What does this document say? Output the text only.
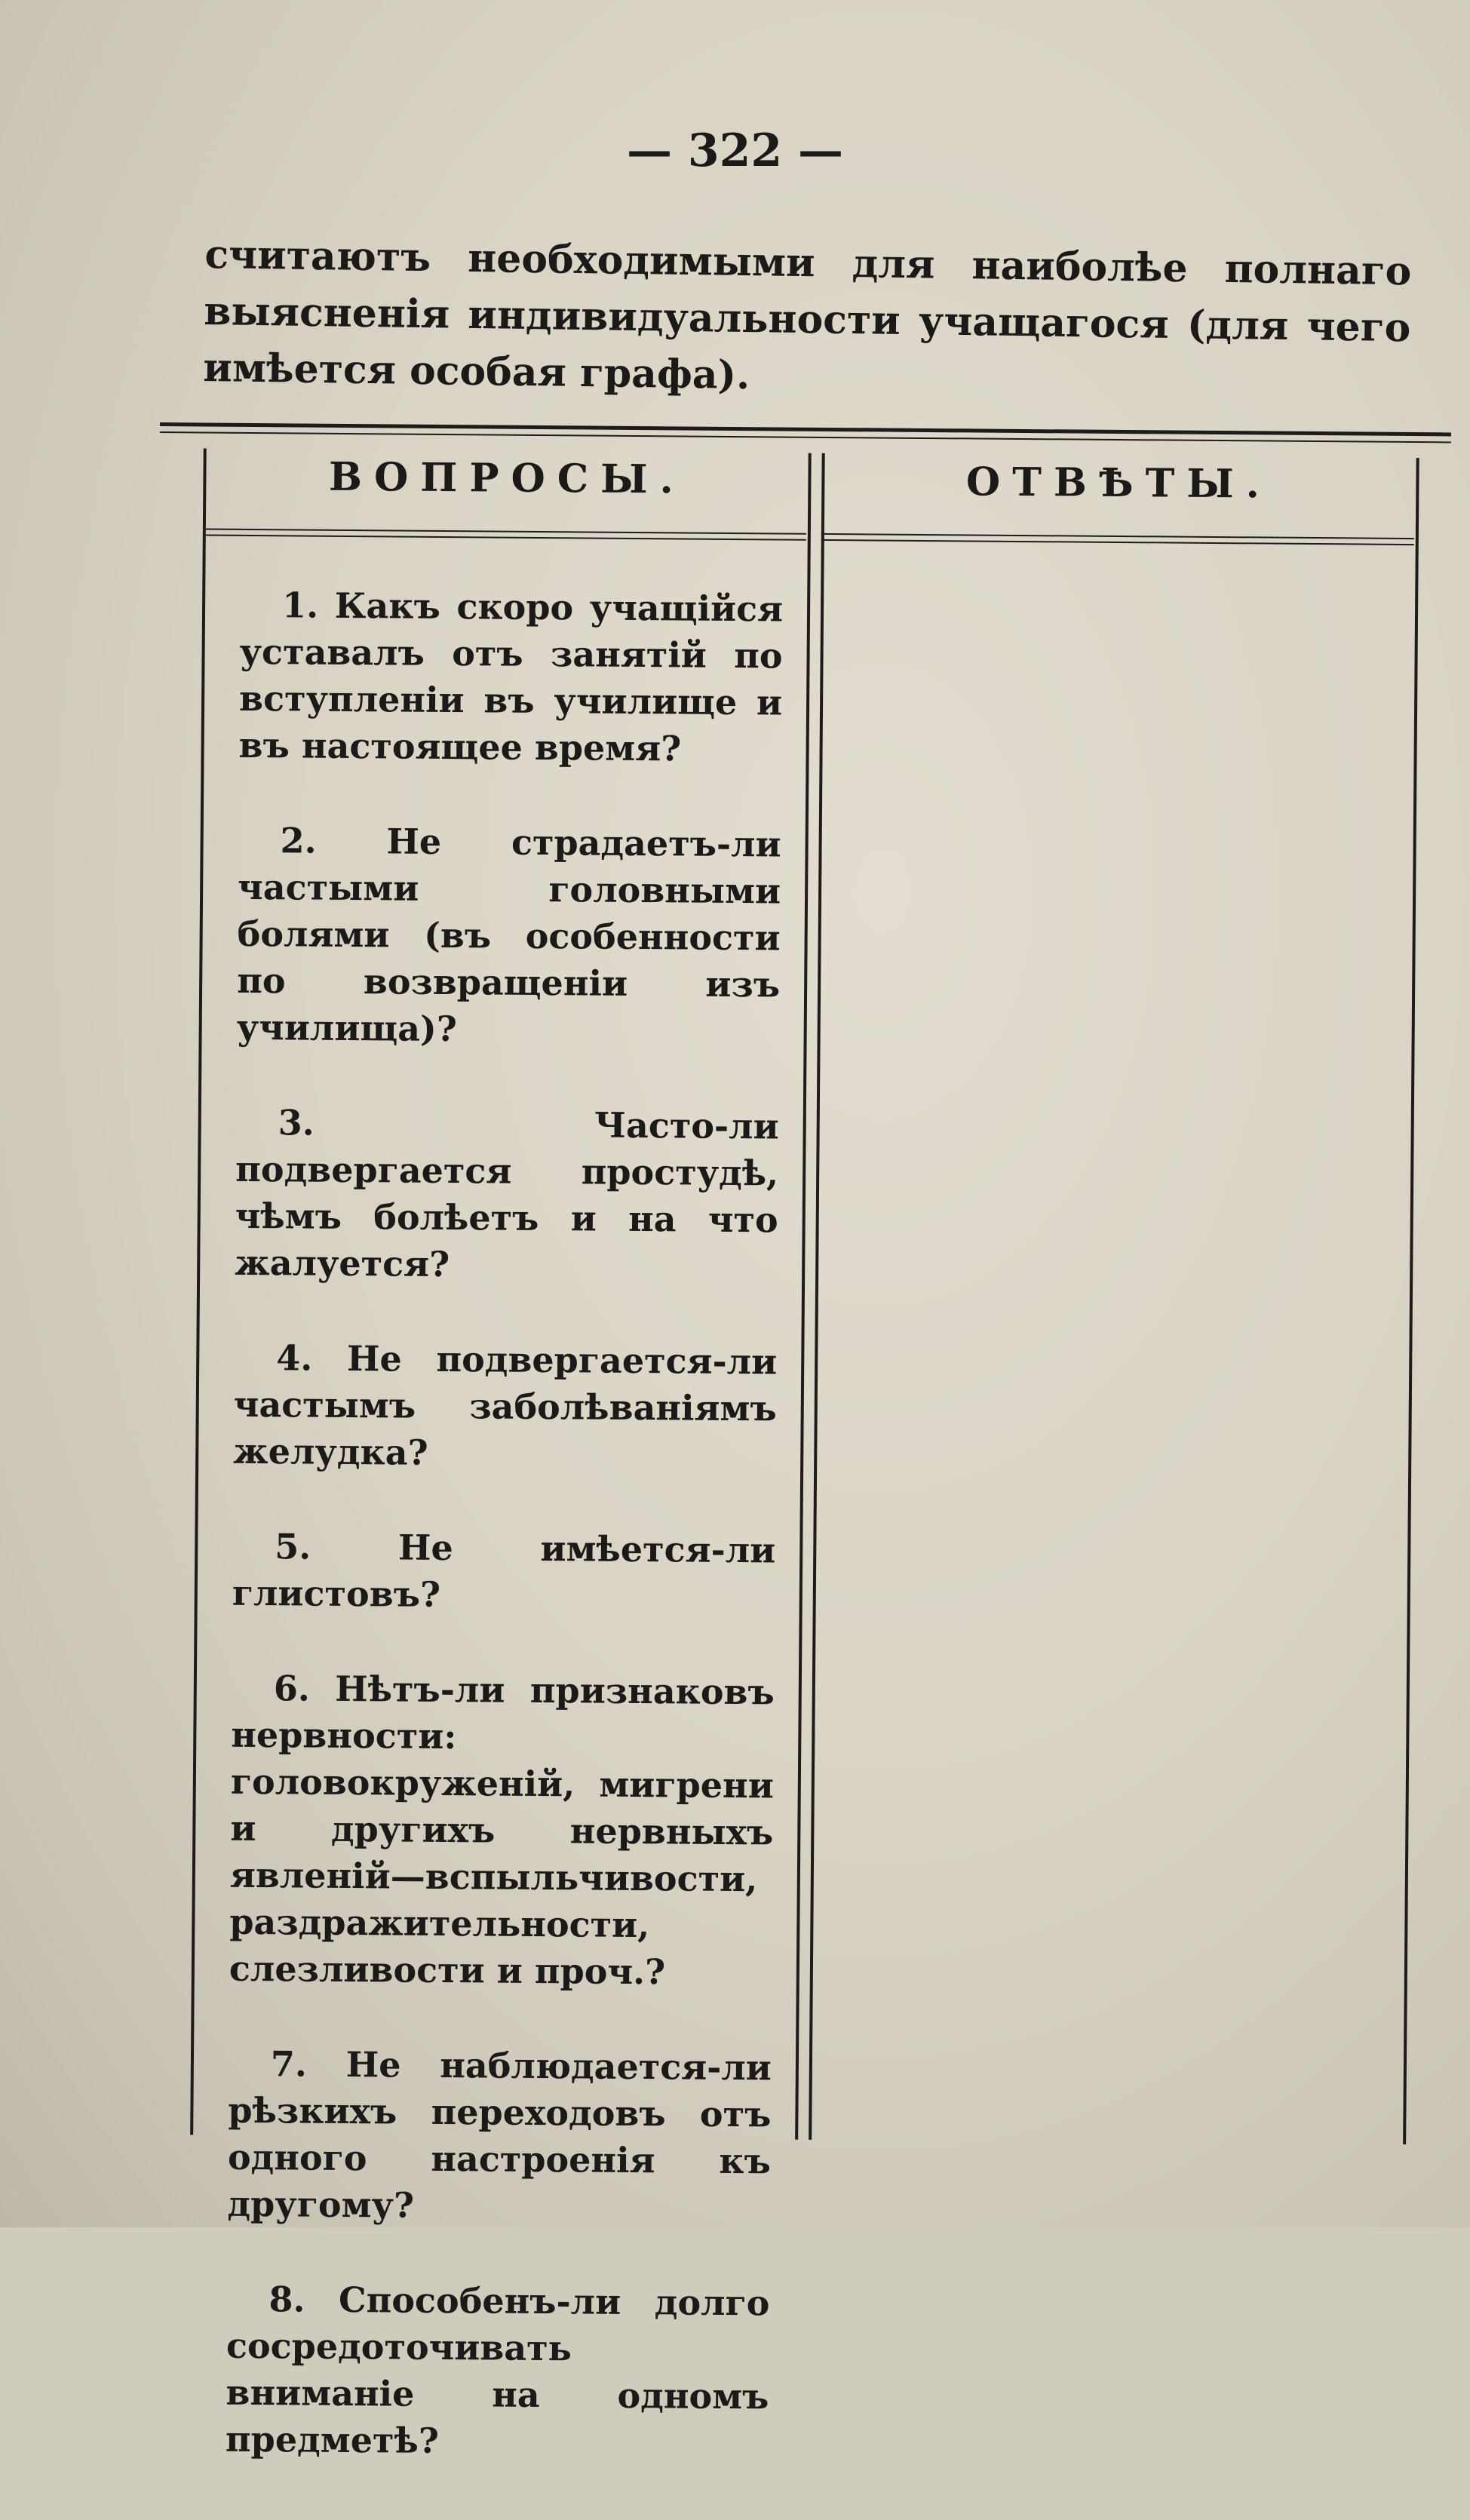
— 322 —
считаютъ необходимыми для наиболѣе полнаго выясненія индивидуальности учащагося (для чего имѣется особая графа).
ВОПРОСЫ.	ОТВѢТЫ.
1. Какъ скоро учащійся уставалъ отъ занятій по вступленіи въ училище и въ настоящее время?
2. Не страдаетъ-ли частыми головными болями (въ особенности по возвращеніи изъ училища)?
3. Часто-ли подвергается простудѣ, чѣмъ болѣетъ и на что жалуется?
4. Не подвергается-ли частымъ заболѣваніямъ желудка?
5. Не имѣется-ли глистовъ?
6. Нѣтъ-ли признаковъ нервности: головокруженій, мигрени и другихъ нервныхъ явленій—вспыльчивости, раздражительности, слезливости и проч.?
7. Не наблюдается-ли рѣзкихъ переходовъ отъ одного настроенія къ другому?
8. Способенъ-ли долго сосредоточивать вниманіе на одномъ предметѣ?
